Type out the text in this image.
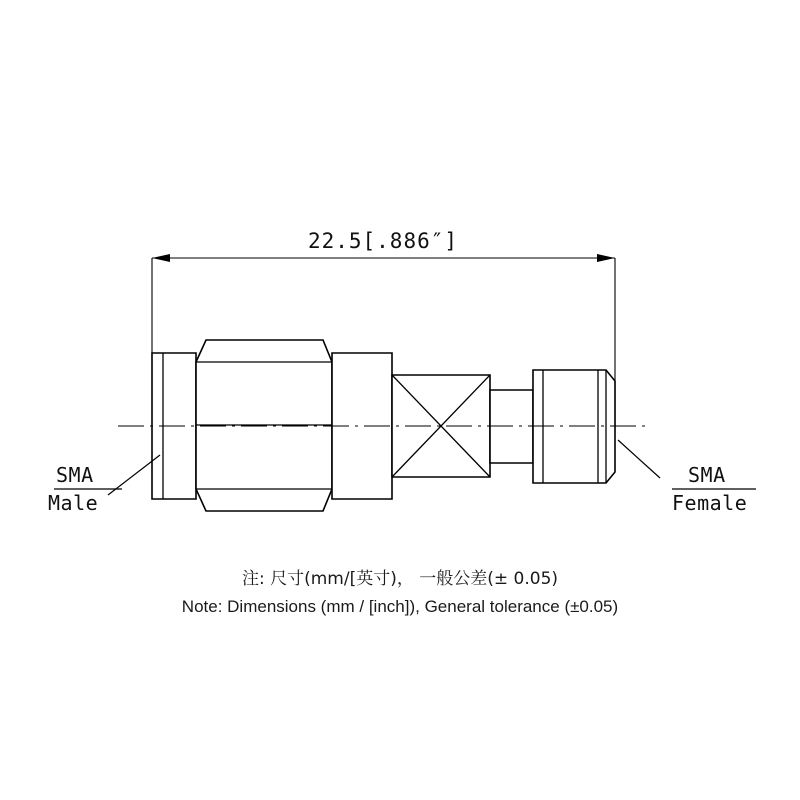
22.5[.886″]
SMA
Male
SMA
Female
注: 尺寸(mm/[英寸)， 一般公差(± 0.05)
Note: Dimensions (mm / [inch]), General tolerance (±0.05)
